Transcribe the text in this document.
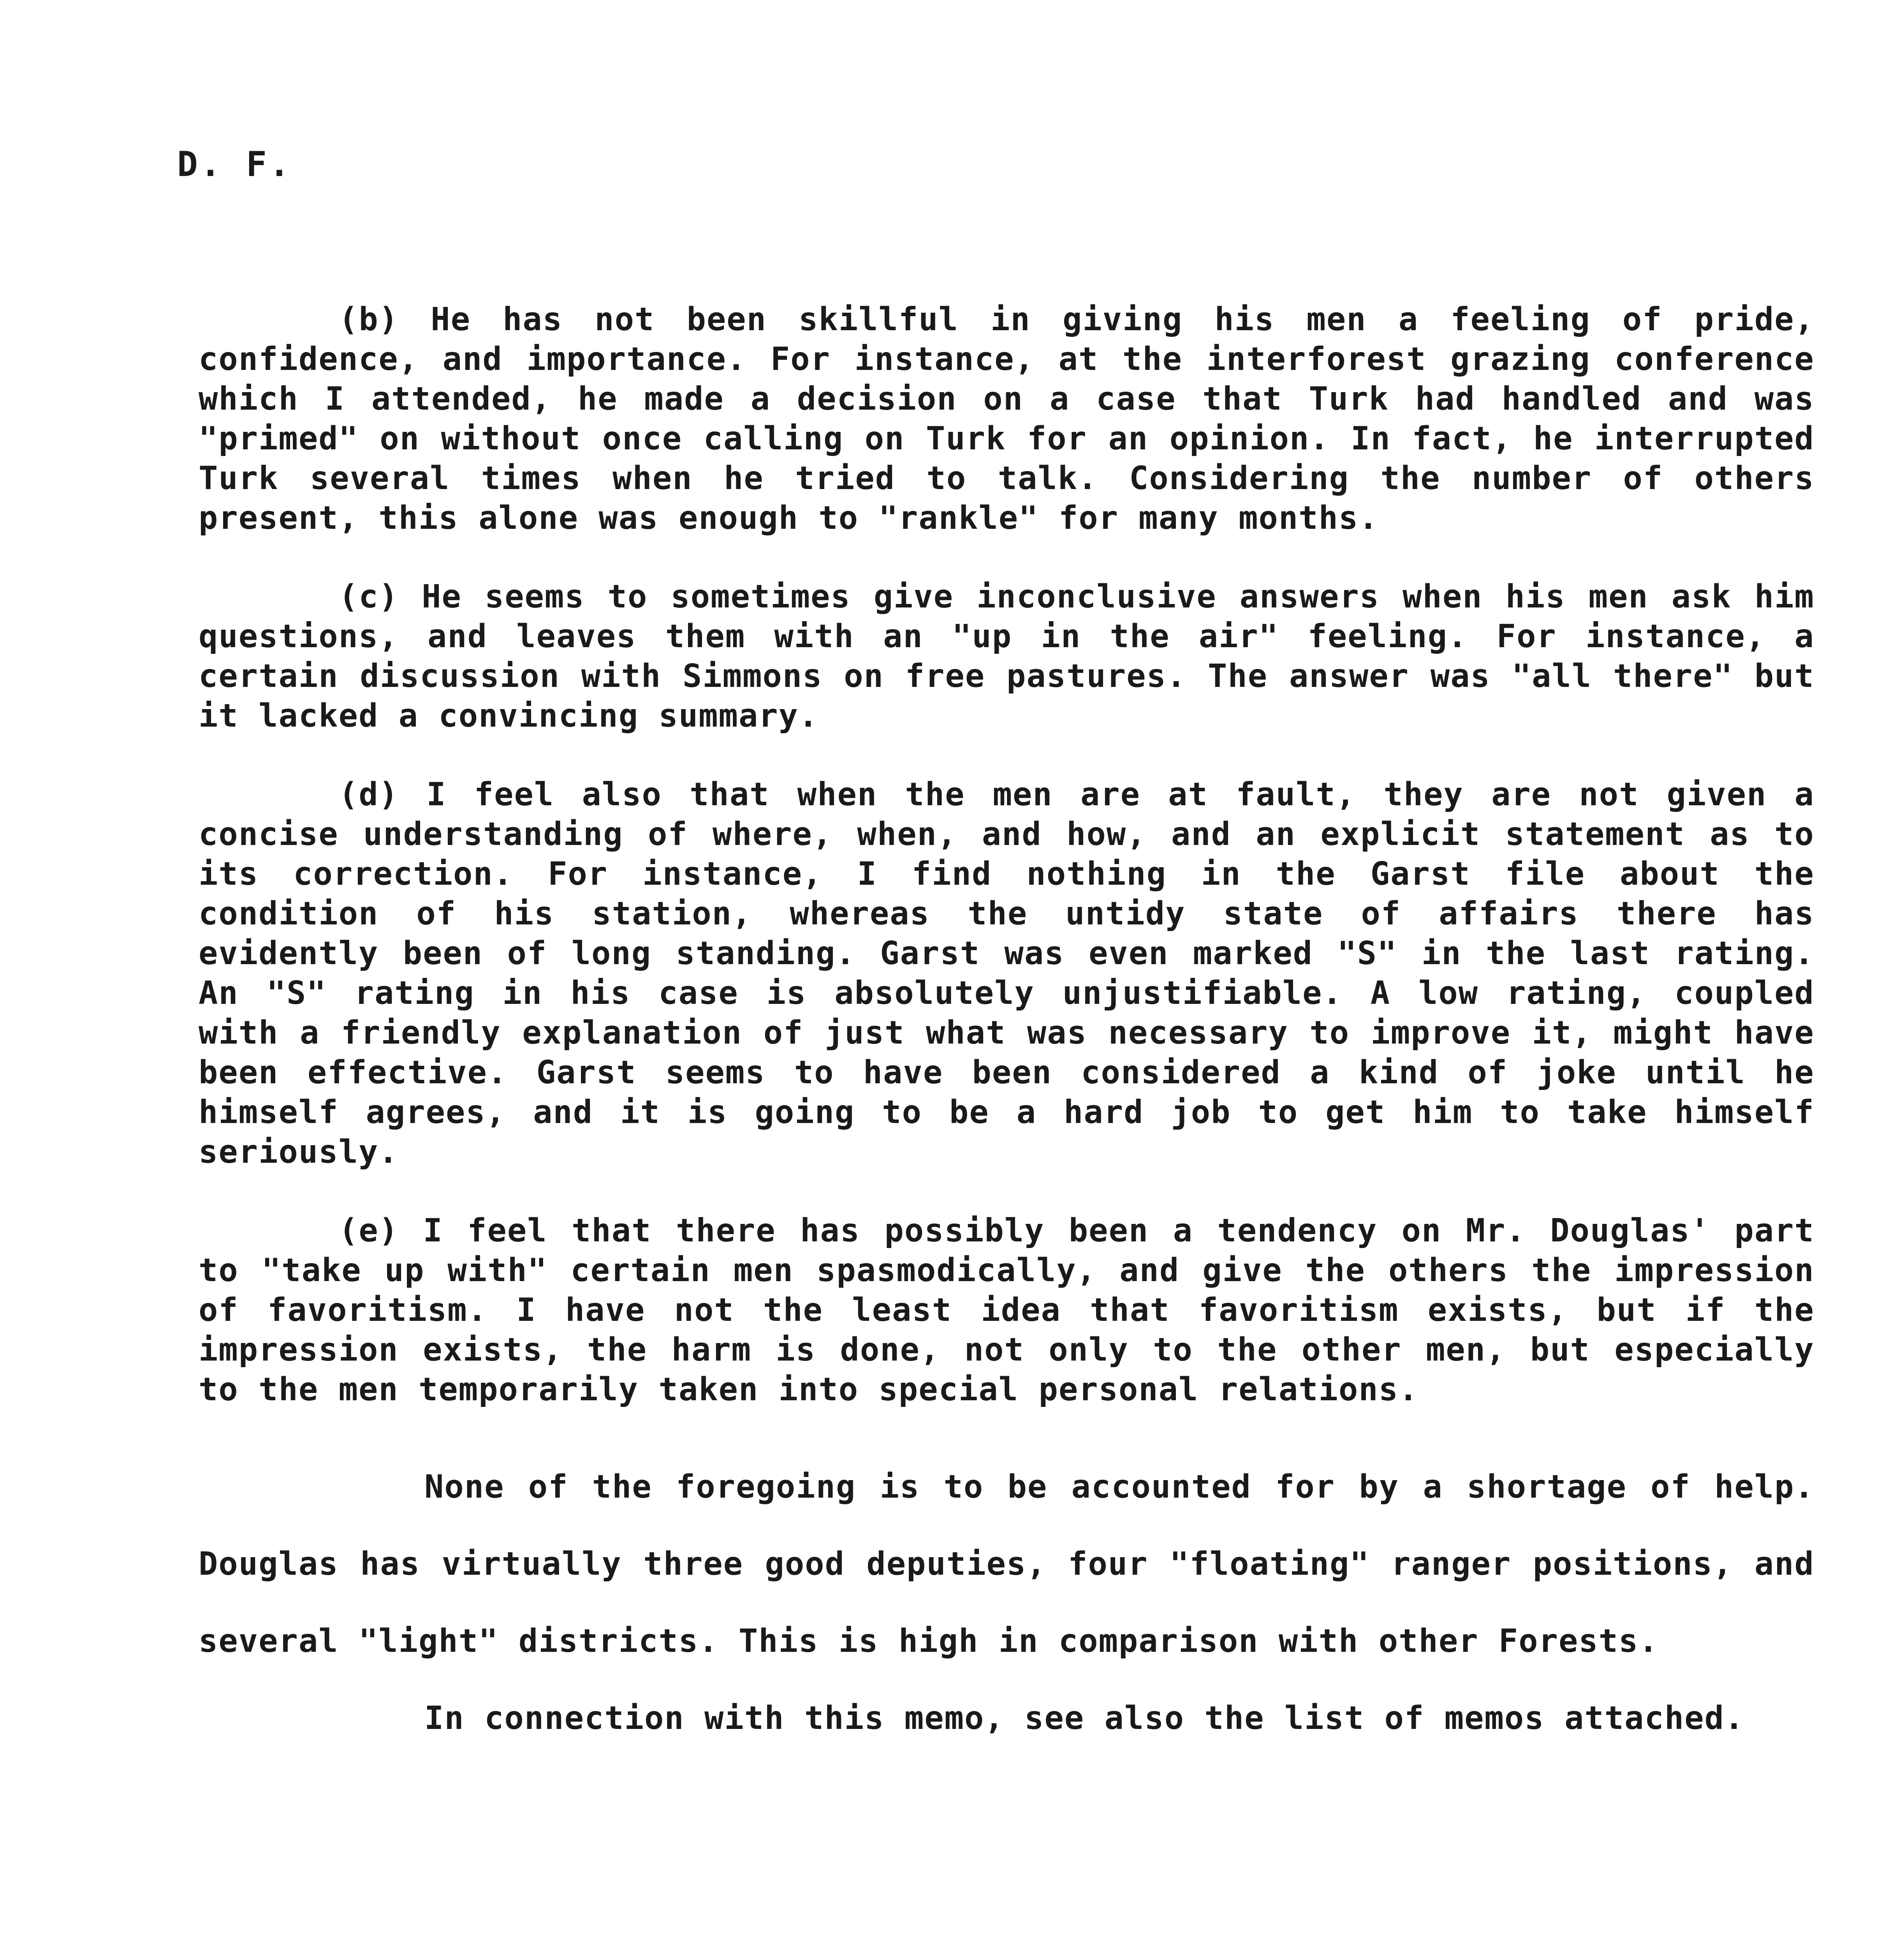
D. F.

(b) He has not been skillful in giving his men a feeling of pride, confidence, and importance. For instance, at the interforest grazing conference which I attended, he made a decision on a case that Turk had handled and was "primed" on without once calling on Turk for an opinion. In fact, he interrupted Turk several times when he tried to talk. Considering the number of others present, this alone was enough to "rankle" for many months.

(c) He seems to sometimes give inconclusive answers when his men ask him questions, and leaves them with an "up in the air" feeling. For instance, a certain discussion with Simmons on free pastures. The answer was "all there" but it lacked a convincing summary.

(d) I feel also that when the men are at fault, they are not given a concise understanding of where, when, and how, and an explicit statement as to its correction. For instance, I find nothing in the Garst file about the condition of his station, whereas the untidy state of affairs there has evidently been of long standing. Garst was even marked "S" in the last rating. An "S" rating in his case is absolutely unjustifiable. A low rating, coupled with a friendly explanation of just what was necessary to improve it, might have been effective. Garst seems to have been considered a kind of joke until he himself agrees, and it is going to be a hard job to get him to take himself seriously.

(e) I feel that there has possibly been a tendency on Mr. Douglas' part to "take up with" certain men spasmodically, and give the others the impression of favoritism. I have not the least idea that favoritism exists, but if the impression exists, the harm is done, not only to the other men, but especially to the men temporarily taken into special personal relations.

None of the foregoing is to be accounted for by a shortage of help. Douglas has virtually three good deputies, four "floating" ranger positions, and several "light" districts. This is high in comparison with other Forests.

In connection with this memo, see also the list of memos attached.
